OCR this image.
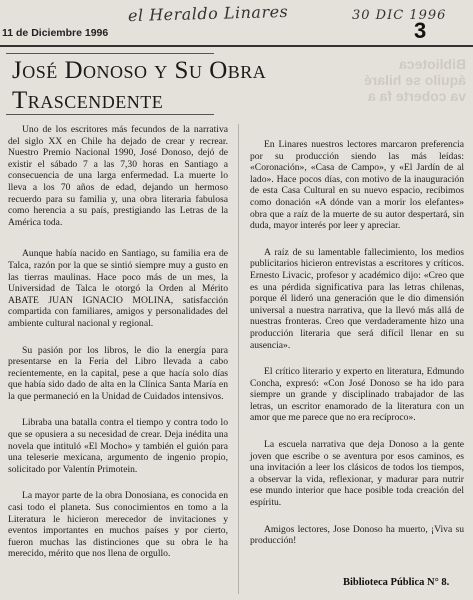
el Heraldo Linares	30 DIC 1996
11 de Diciembre 1996	3
Biblioteca
áquilo se hilaré
va coberte fa a
José Donoso y Su Obra
Trascendente

Uno de los escritores más fecundos de la narrativa del siglo XX en Chile ha dejado de crear y recrear. Nuestro Premio Nacional 1990, José Donoso, dejó de existir el sábado 7 a las 7,30 horas en Santiago a consecuencia de una larga enfermedad. La muerte lo lleva a los 70 años de edad, dejando un hermoso recuerdo para su familia y, una obra literaria fabulosa como herencia a su país, prestigiando las Letras de la América toda.

Aunque había nacido en Santiago, su familia era de Talca, razón por la que se sintió siempre muy a gusto en las tierras maulinas. Hace poco más de un mes, la Universidad de Talca le otorgó la Orden al Mérito ABATE JUAN IGNACIO MOLINA, satisfacción compartida con familiares, amigos y personalidades del ambiente cultural nacional y regional.

Su pasión por los libros, le dio la energía para presentarse en la Feria del Libro llevada a cabo recientemente, en la capital, pese a que hacía solo días que había sido dado de alta en la Clínica Santa María en la que permaneció en la Unidad de Cuidados intensivos.

Libraba una batalla contra el tiempo y contra todo lo que se opusiera a su necesidad de crear. Deja inédita una novela que intituló «El Mocho» y también el guión para una teleserie mexicana, argumento de ingenio propio, solicitado por Valentín Primotein.

La mayor parte de la obra Donosiana, es conocida en casi todo el planeta. Sus conocimientos en tomo a la Literatura le hicieron merecedor de invitaciones y eventos importantes en muchos países y por cierto, fueron muchas las distinciones que su obra le ha merecido, mérito que nos llena de orgullo.

En Linares nuestros lectores marcaron preferencia por su producción siendo las más leídas: «Coronación», «Casa de Campo», y «El Jardín de al lado». Hace pocos días, con motivo de la inauguración de esta Casa Cultural en su nuevo espacio, recibimos como donación «A dónde van a morir los elefantes» obra que a raíz de la muerte de su autor despertará, sin duda, mayor interés por leer y apreciar.

A raíz de su lamentable fallecimiento, los medios publicitarios hicieron entrevistas a escritores y críticos. Ernesto Livacic, profesor y académico dijo: «Creo que es una pérdida significativa para las letras chilenas, porque él lideró una generación que le dio dimensión universal a nuestra narrativa, que la llevó más allá de nuestras fronteras. Creo que verdaderamente hizo una producción literaria que será difícil llenar en su ausencia».

El crítico literario y experto en literatura, Edmundo Concha, expresó: «Con José Donoso se ha ido para siempre un grande y disciplinado trabajador de las letras, un escritor enamorado de la literatura con un amor que me parece que no era recíproco».

La escuela narrativa que deja Donoso a la gente joven que escribe o se aventura por esos caminos, es una invitación a leer los clásicos de todos los tiempos, a observar la vida, reflexionar, y madurar para nutrir ese mundo interior que hace posible toda creación del espíritu.

Amigos lectores, Jose Donoso ha muerto, ¡Viva su producción!

Biblioteca Pública N° 8.
